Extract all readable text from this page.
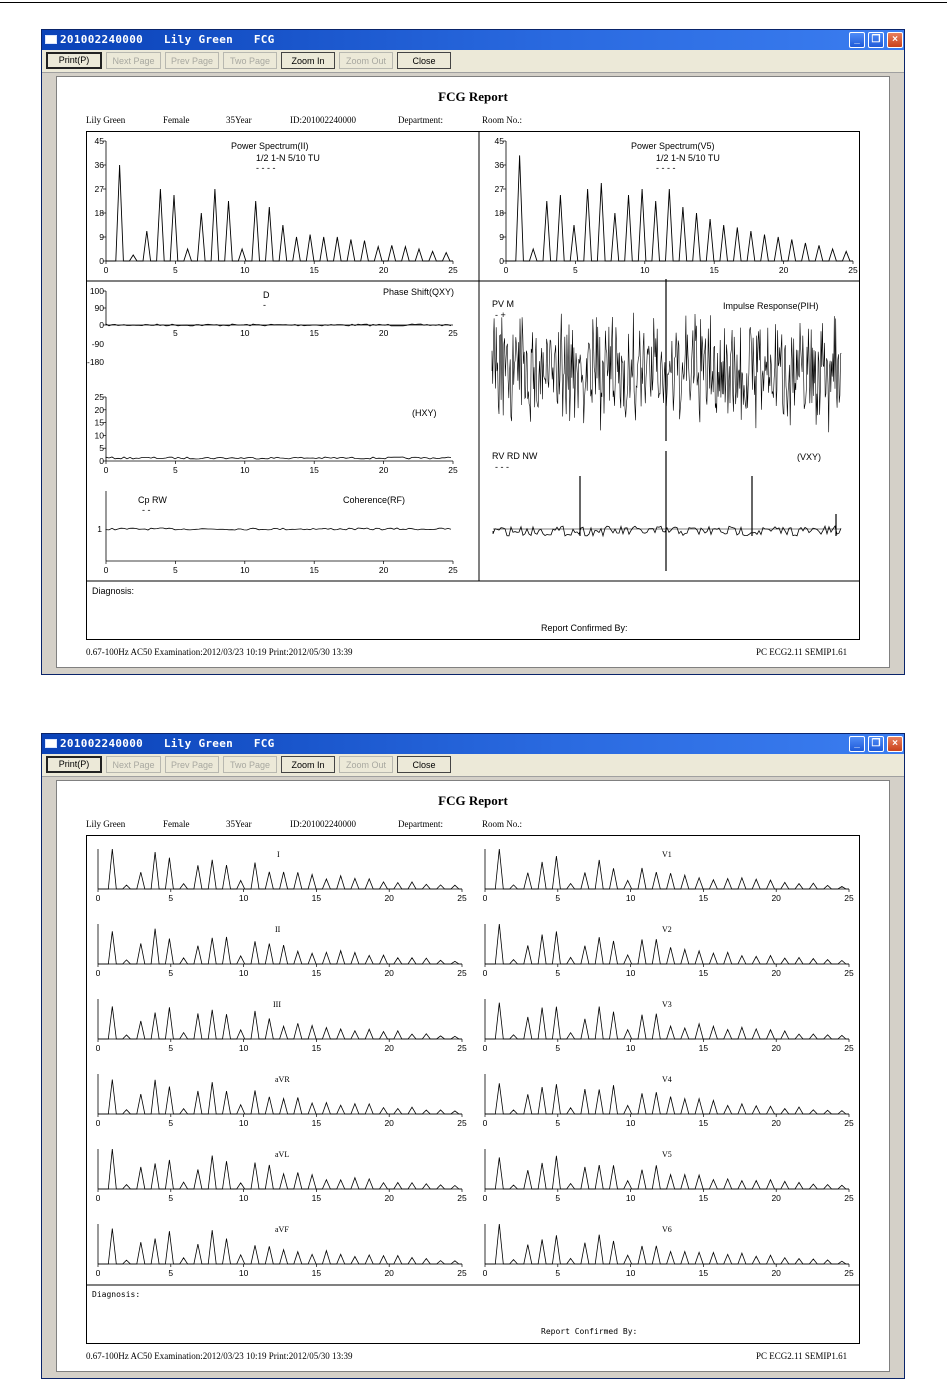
201002240000   Lily Green   FCG	_	❐	×
Print(P)	Next Page	Prev Page	Two Page	Zoom In	Zoom Out	Close
FCG Report
Lily Green	Female	35Year	ID:201002240000	Department:	Room No.:
0	5	10	15	20	25
45
36
27
18
9
0
0	5	10	15	20	25
45
36
27
18
9
0
100
90
0
5	10	15	20	25
-90
-180
0	5	10	15	20	25
25
20
15
10
5
0
0	5	10	15	20	25
1
Power Spectrum(II)
1/2 1-N 5/10 TU
- - - -
Power Spectrum(V5)
1/2 1-N 5/10 TU
- - - -
Phase Shift(QXY)
D
-
(HXY)
Coherence(RF)
Cp RW
- -
Impulse Response(PIH)
PV M
- +
(VXY)
RV RD NW
- - -
Diagnosis:
Report Confirmed By:
0.67-100Hz AC50 Examination:2012/03/23 10:19 Print:2012/05/30 13:39	PC ECG2.11 SEMIP1.61
201002240000   Lily Green   FCG	_	❐	×
Print(P)	Next Page	Prev Page	Two Page	Zoom In	Zoom Out	Close
FCG Report
Lily Green	Female	35Year	ID:201002240000	Department:	Room No.:
0	5	10	15	20	25 0	5	10	15	20	25
0	5	10	15	20	25 0	5	10	15	20	25
0	5	10	15	20	25 0	5	10	15	20	25
0	5	10	15	20	25 0	5	10	15	20	25
0	5	10	15	20	25 0	5	10	15	20	25
0	5	10	15	20	25 0	5	10	15	20	25
I
II
III
aVR
aVL
aVF
V1
V2
V3
V4
V5
V6
Diagnosis:
Report Confirmed By:
0.67-100Hz AC50 Examination:2012/03/23 10:19 Print:2012/05/30 13:39	PC ECG2.11 SEMIP1.61
